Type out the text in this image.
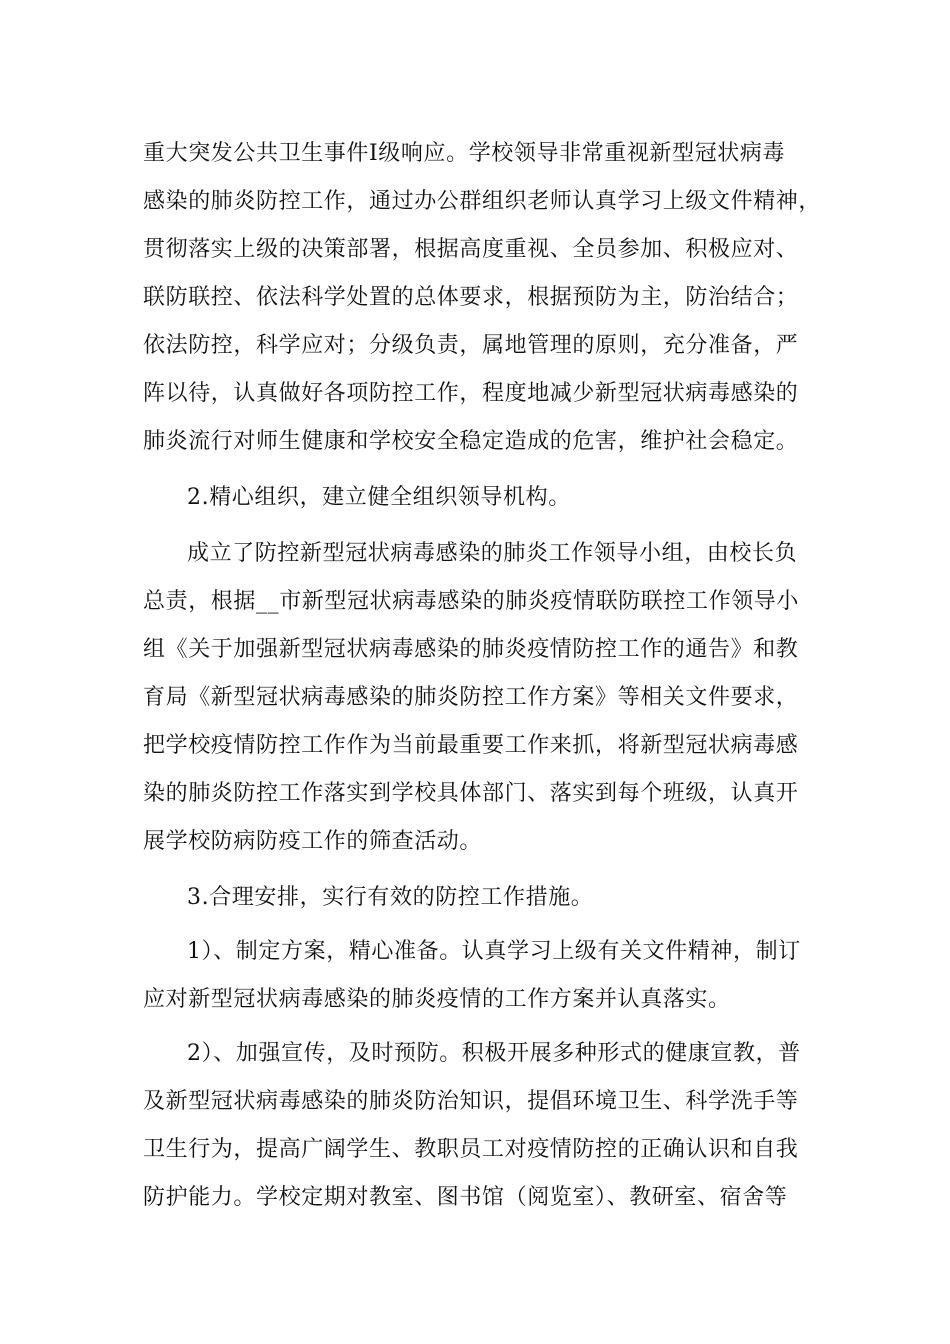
重大突发公共卫生事件Ⅰ级响应。学校领导非常重视新型冠状病毒
感染的肺炎防控工作，通过办公群组织老师认真学习上级文件精神，
贯彻落实上级的决策部署，根据高度重视、全员参加、积极应对、
联防联控、依法科学处置的总体要求，根据预防为主，防治结合；
依法防控，科学应对；分级负责，属地管理的原则，充分准备，严
阵以待，认真做好各项防控工作，程度地减少新型冠状病毒感染的
肺炎流行对师生健康和学校安全稳定造成的危害，维护社会稳定。
2.精心组织，建立健全组织领导机构。
成立了防控新型冠状病毒感染的肺炎工作领导小组，由校长负
总责，根据__市新型冠状病毒感染的肺炎疫情联防联控工作领导小
组《关于加强新型冠状病毒感染的肺炎疫情防控工作的通告》和教
育局《新型冠状病毒感染的肺炎防控工作方案》等相关文件要求，
把学校疫情防控工作作为当前最重要工作来抓，将新型冠状病毒感
染的肺炎防控工作落实到学校具体部门、落实到每个班级，认真开
展学校防病防疫工作的筛查活动。
3.合理安排，实行有效的防控工作措施。
1）、制定方案，精心准备。认真学习上级有关文件精神，制订
应对新型冠状病毒感染的肺炎疫情的工作方案并认真落实。
2）、加强宣传，及时预防。积极开展多种形式的健康宣教，普
及新型冠状病毒感染的肺炎防治知识，提倡环境卫生、科学洗手等
卫生行为，提高广阔学生、教职员工对疫情防控的正确认识和自我
防护能力。学校定期对教室、图书馆（阅览室）、教研室、宿舍等
